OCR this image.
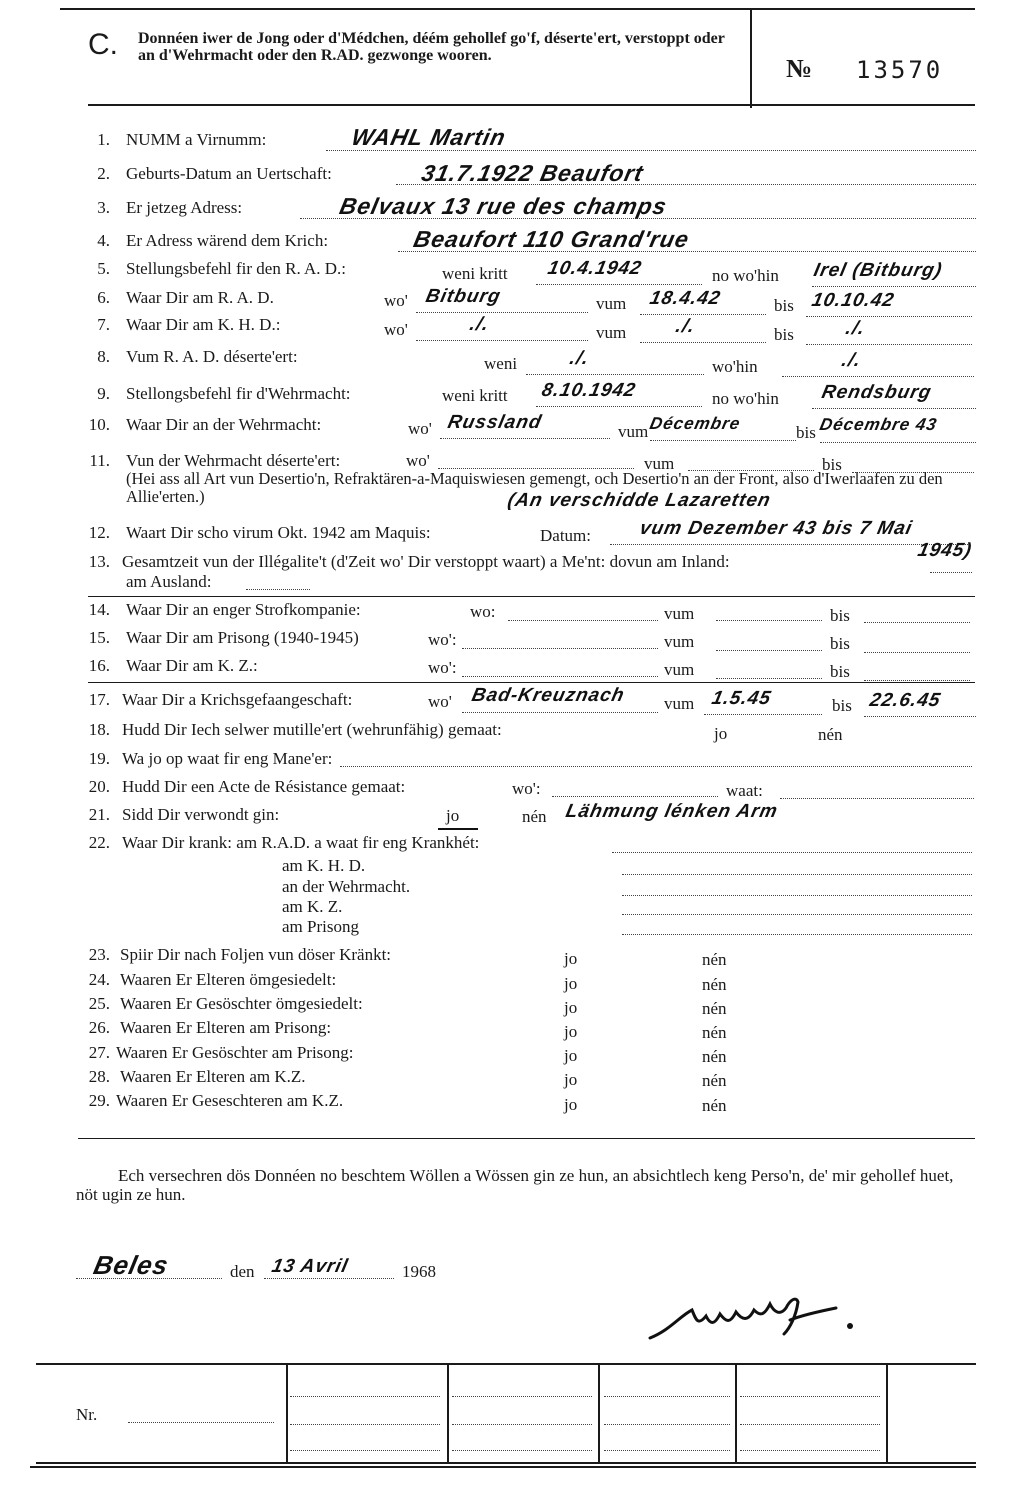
C. Donnéen iwer de Jong oder d'Médchen, déém gehollef go'f, déserte'ert, verstoppt oder an d'Wehrmacht oder den R.AD. gezwonge wooren.	№ 13570
1. NUMM a Virnumm:	WAHL Martin
2. Geburts-Datum an Uertschaft:	31.7.1922 Beaufort
3. Er jetzeg Adress:	Belvaux 13 rue des champs
4. Er Adress wärend dem Krich:	Beaufort 110 Grand'rue
5. Stellungsbefehl fir den R. A. D.:	weni kritt 10.4.1942	no wo'hin Irel (Bitburg)
6. Waar Dir am R. A. D.	wo' Bitburg	vum 18.4.42	bis 10.10.42
7. Waar Dir am K. H. D.:	wo'	./.	vum	./.	bis	./.
8. Vum R. A. D. déserte'ert:	weni	./.	wo'hin	./.
9. Stellongsbefehl fir d'Wehrmacht:	weni kritt 8.10.1942	no wo'hin Rendsburg
10. Waar Dir an der Wehrmacht:	wo' Russland	vum Décembre	bis Décembre 43
11. Vun der Wehrmacht déserte'ert:	wo'	vum	bis
(Hei ass all Art vun Desertio'n, Refraktären-a-Maquiswiesen gemengt, och Desertio'n an der Front, also d'Iwerlaafen zu den Allie'erten.)	(An verschidde Lazaretten
12. Waart Dir scho virum Okt. 1942 am Maquis:	Datum: vum Dezember 43 bis 7 Mai
1945)
13. Gesamtzeit vun der Illégalite't (d'Zeit wo' Dir verstoppt waart) a Me'nt: dovun am Inland:
am Ausland:
14. Waar Dir an enger Strofkompanie:	wo:	vum	bis
15. Waar Dir am Prisong (1940-1945)	wo':	vum	bis
16. Waar Dir am K. Z.:	wo':	vum	bis
17. Waar Dir a Krichsgefaangeschaft:	wo' Bad-Kreuznach vum 1.5.45	bis 22.6.45
18. Hudd Dir Iech selwer mutille'ert (wehrunfähig) gemaat:	jo	nén
19. Wa jo op waat fir eng Mane'er:
20. Hudd Dir een Acte de Résistance gemaat:	wo':	waat:
21. Sidd Dir verwondt gin:	jo	nén Lähmung lénken Arm
22. Waar Dir krank: am R.A.D. a waat fir eng Krankhét:
am K. H. D.
an der Wehrmacht.
am K. Z.
am Prisong
23. Spiir Dir nach Foljen vun döser Kränkt:	jo	nén
24. Waaren Er Elteren ömgesiedelt:	jo	nén
25. Waaren Er Gesöschter ömgesiedelt:	jo	nén
26. Waaren Er Elteren am Prisong:	jo	nén
27. Waaren Er Gesöschter am Prisong:	jo	nén
28. Waaren Er Elteren am K.Z.	jo	nén
29. Waaren Er Geseschteren am K.Z.	jo	nén
Ech versechren dös Donnéen no beschtem Wöllen a Wössen gin ze hun, an absichtlech keng Perso'n, de' mir gehollef huet, nöt ugin ze hun.
Beles	den 13 Avril	1968
Nr.
